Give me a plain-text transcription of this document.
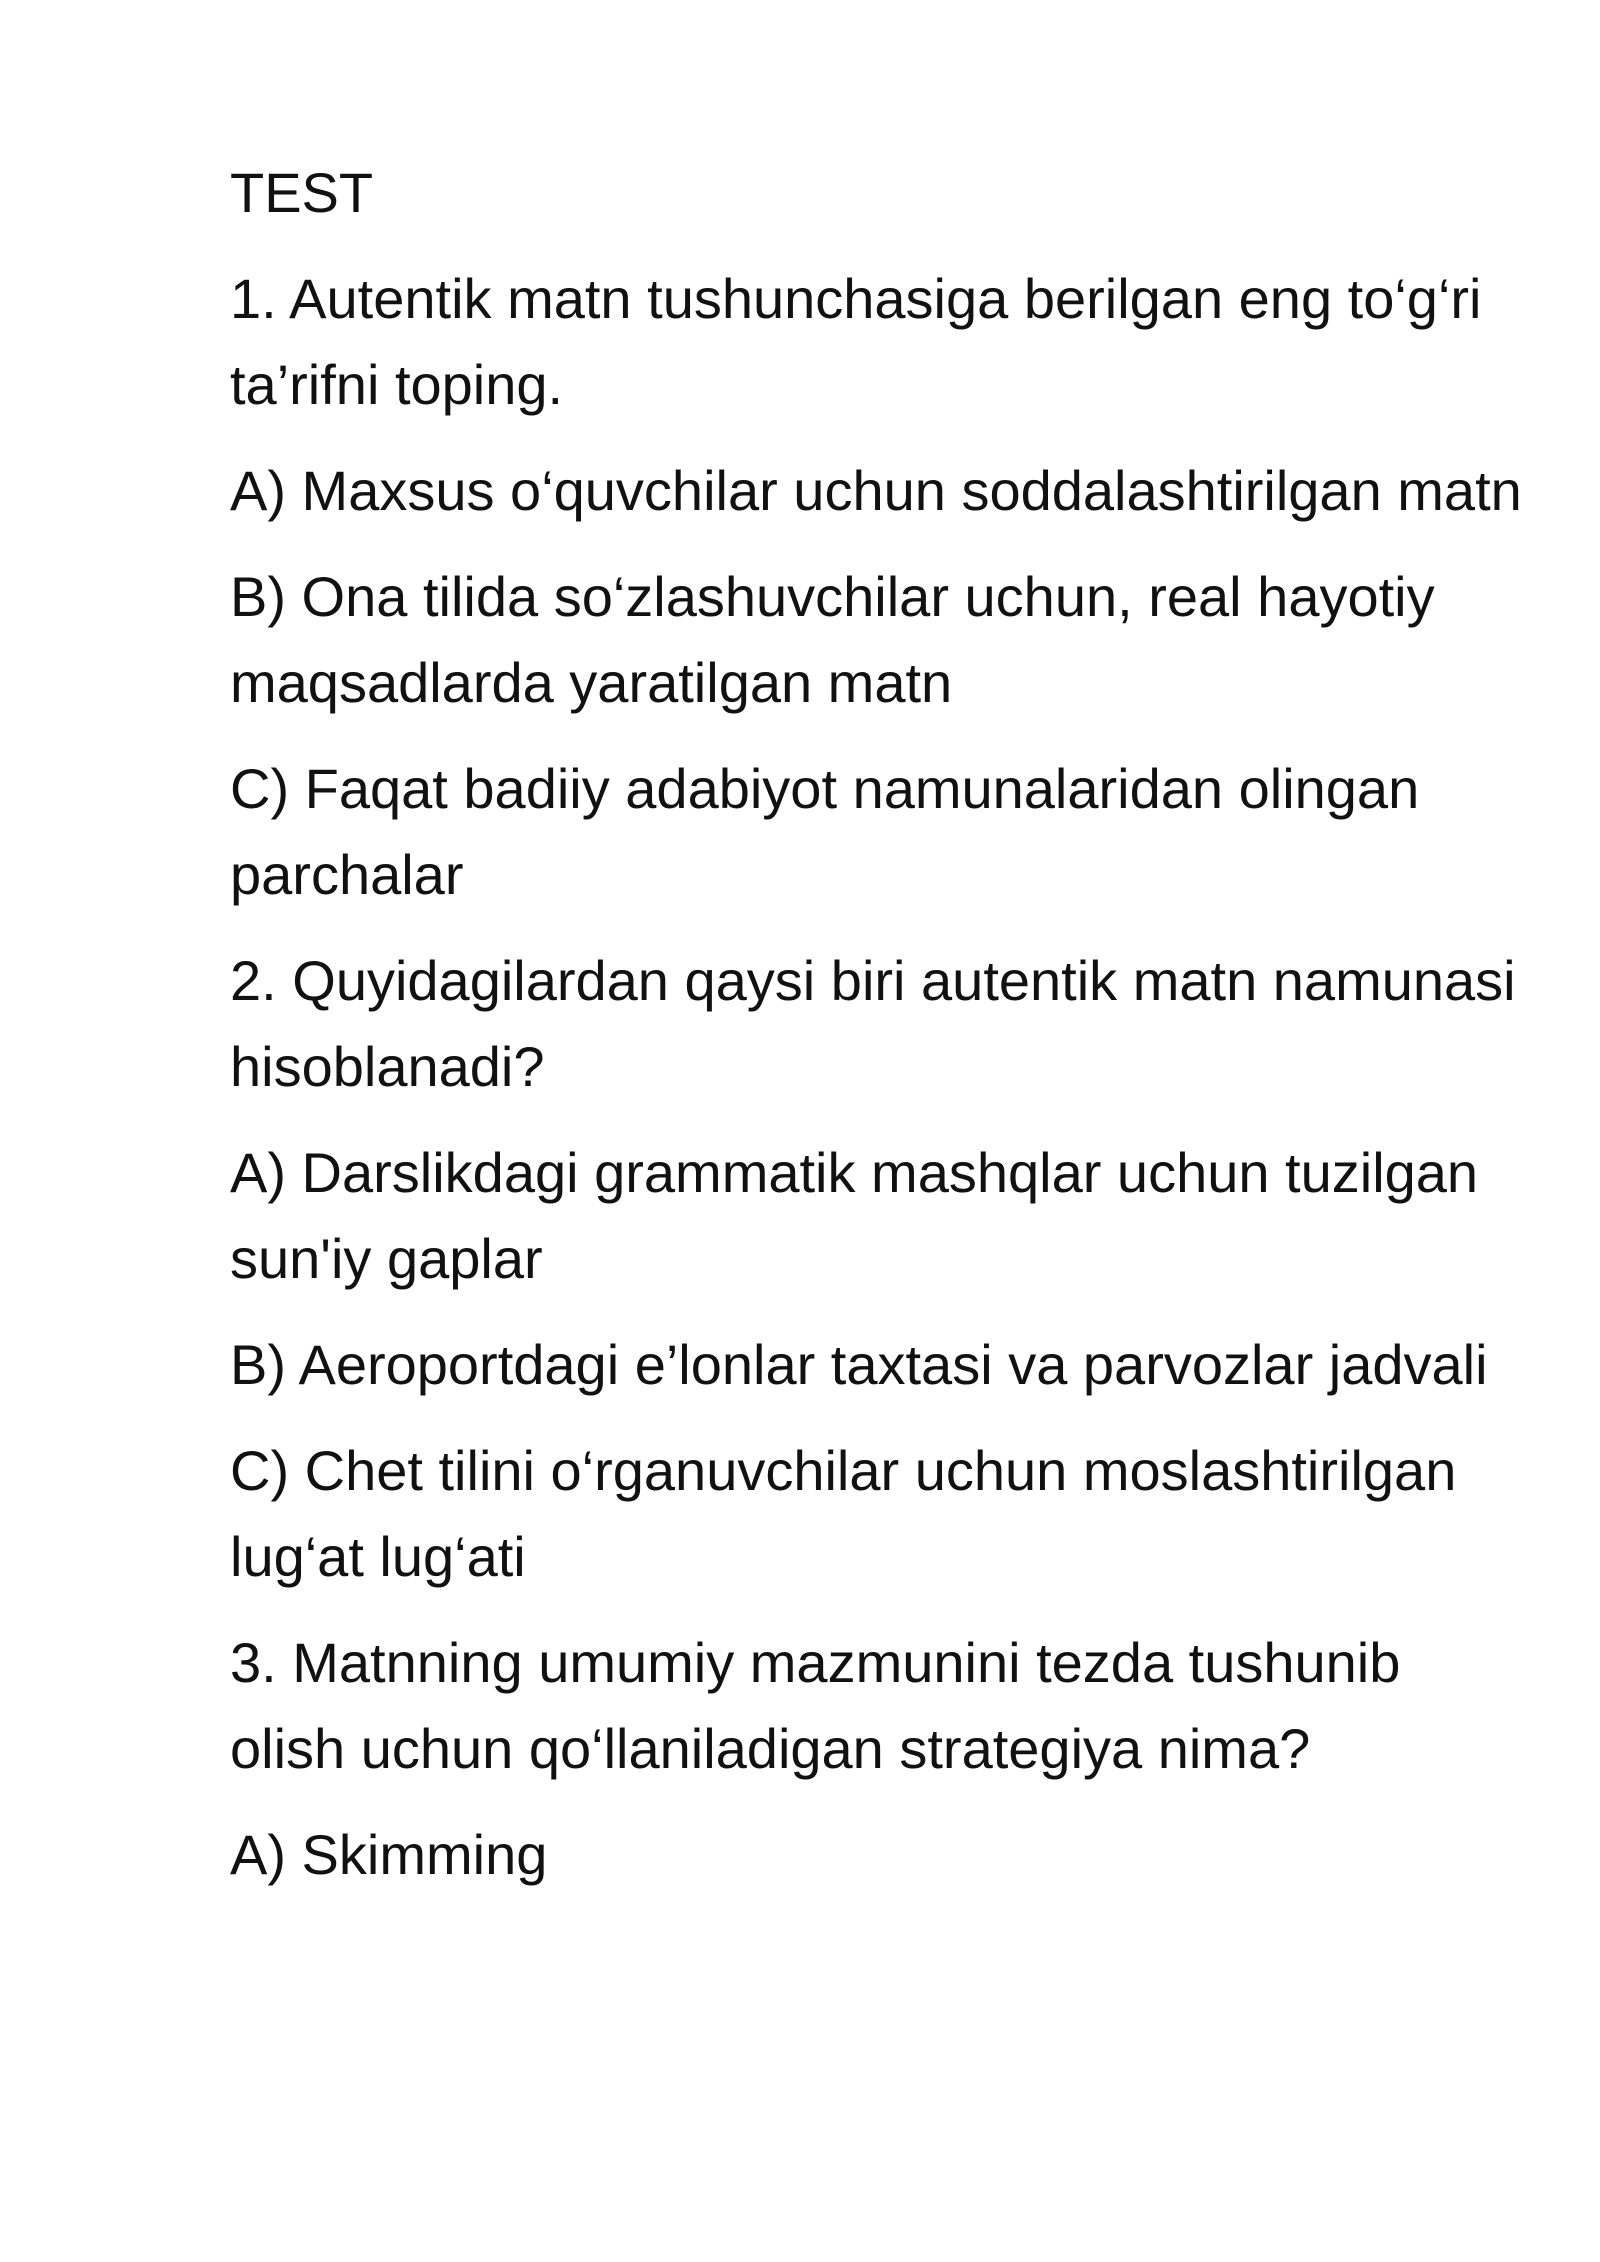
TEST
1. Autentik matn tushunchasiga berilgan eng to‘g‘ri ta’rifni toping.
A) Maxsus o‘quvchilar uchun soddalashtirilgan matn
B) Ona tilida so‘zlashuvchilar uchun, real hayotiy maqsadlarda yaratilgan matn
C) Faqat badiiy adabiyot namunalaridan olingan parchalar
2. Quyidagilardan qaysi biri autentik matn namunasi hisoblanadi?
A) Darslikdagi grammatik mashqlar uchun tuzilgan sun'iy gaplar
B) Aeroportdagi e’lonlar taxtasi va parvozlar jadvali
C) Chet tilini o‘rganuvchilar uchun moslashtirilgan lug‘at lug‘ati
3. Matnning umumiy mazmunini tezda tushunib olish uchun qo‘llaniladigan strategiya nima?
A) Skimming
